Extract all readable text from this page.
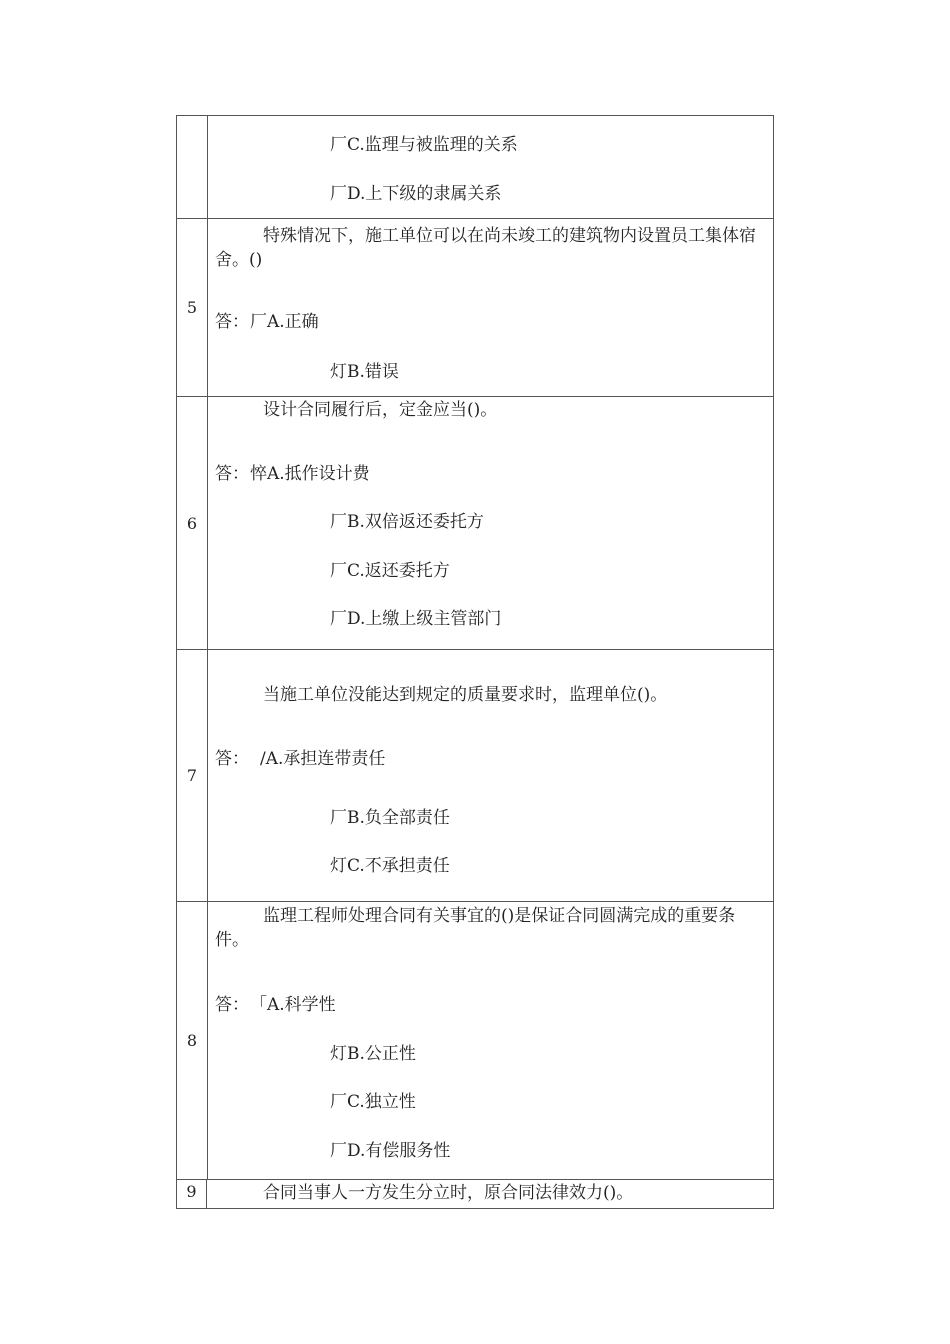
厂C.监理与被监理的关系
厂D.上下级的隶属关系
5
特殊情况下，施工单位可以在尚未竣工的建筑物内设置员工集体宿舍。()
答： 厂A.正确
灯B.错误
6
设计合同履行后，定金应当()。
答： 悴A.抵作设计费
厂B.双倍返还委托方
厂C.返还委托方
厂D.上缴上级主管部门
7
当施工单位没能达到规定的质量要求时，监理单位()。
答： /A.承担连带责任
厂B.负全部责任
灯C.不承担责任
8
监理工程师处理合同有关事宜的()是保证合同圆满完成的重要条件。
答： 「A.科学性
灯B.公正性
厂C.独立性
厂D.有偿服务性
9	合同当事人一方发生分立时，原合同法律效力()。
